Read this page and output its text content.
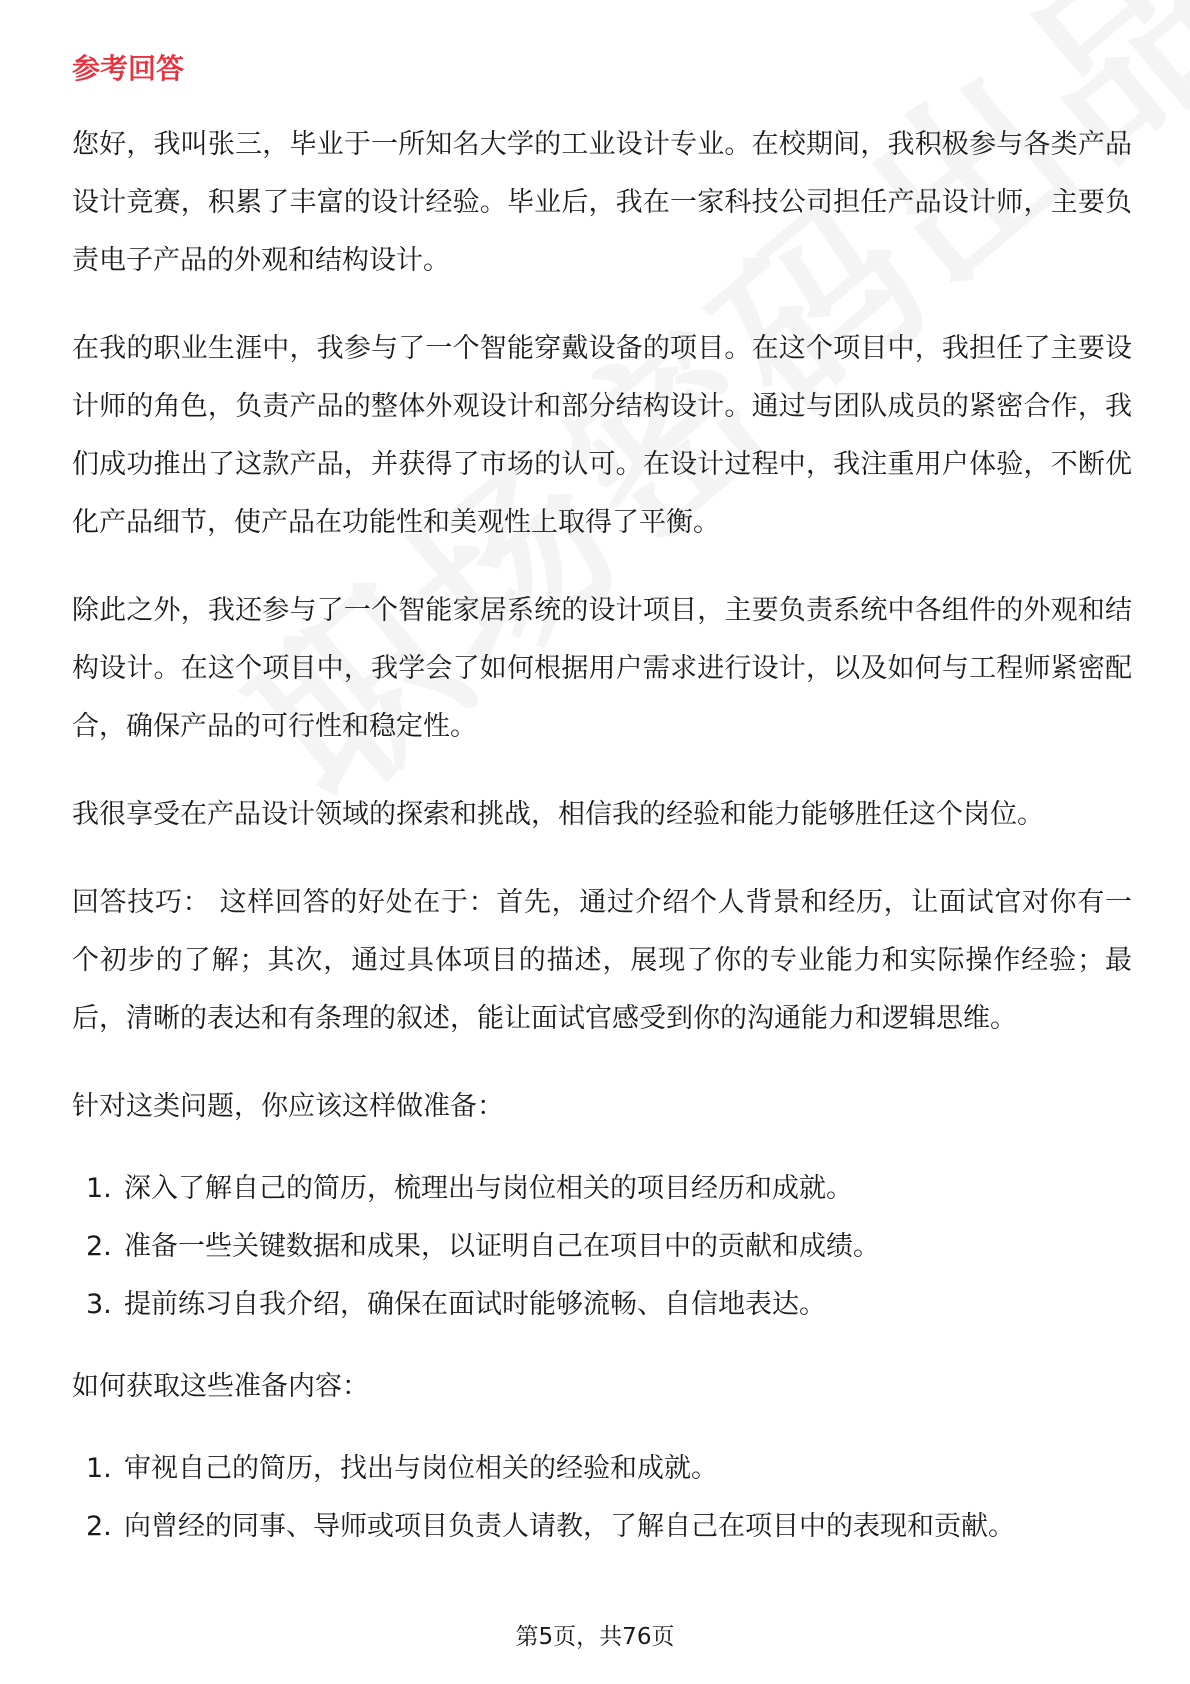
参考回答

您好，我叫张三，毕业于一所知名大学的工业设计专业。在校期间，我积极参与各类产品设计竞赛，积累了丰富的设计经验。毕业后，我在一家科技公司担任产品设计师，主要负责电子产品的外观和结构设计。

在我的职业生涯中，我参与了一个智能穿戴设备的项目。在这个项目中，我担任了主要设计师的角色，负责产品的整体外观设计和部分结构设计。通过与团队成员的紧密合作，我们成功推出了这款产品，并获得了市场的认可。在设计过程中，我注重用户体验，不断优化产品细节，使产品在功能性和美观性上取得了平衡。

除此之外，我还参与了一个智能家居系统的设计项目，主要负责系统中各组件的外观和结构设计。在这个项目中，我学会了如何根据用户需求进行设计，以及如何与工程师紧密配合，确保产品的可行性和稳定性。

我很享受在产品设计领域的探索和挑战，相信我的经验和能力能够胜任这个岗位。

回答技巧： 这样回答的好处在于：首先，通过介绍个人背景和经历，让面试官对你有一个初步的了解；其次，通过具体项目的描述，展现了你的专业能力和实际操作经验；最后，清晰的表达和有条理的叙述，能让面试官感受到你的沟通能力和逻辑思维。

针对这类问题，你应该这样做准备：

1. 深入了解自己的简历，梳理出与岗位相关的项目经历和成就。
2. 准备一些关键数据和成果，以证明自己在项目中的贡献和成绩。
3. 提前练习自我介绍，确保在面试时能够流畅、自信地表达。

如何获取这些准备内容：

1. 审视自己的简历，找出与岗位相关的经验和成就。
2. 向曾经的同事、导师或项目负责人请教，了解自己在项目中的表现和贡献。
第5页，共76页
